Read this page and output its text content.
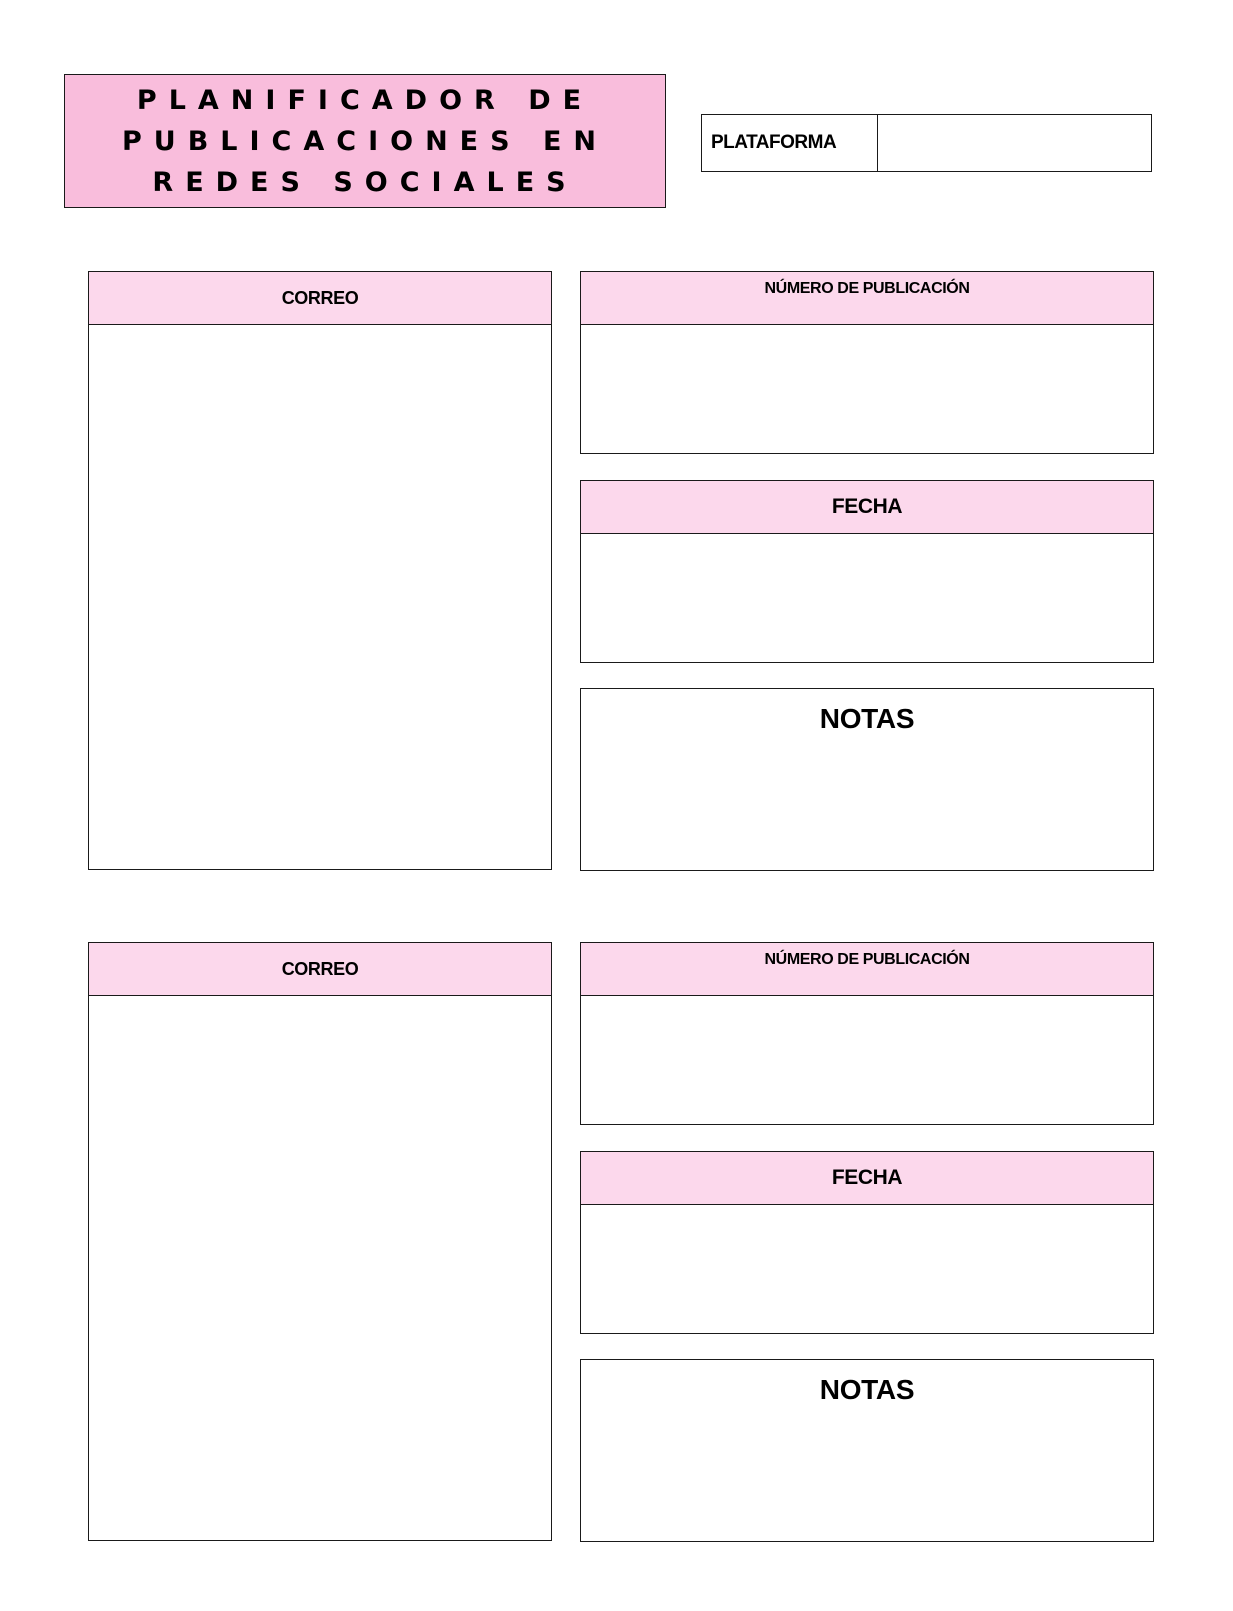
PLANIFICADOR DE
PUBLICACIONES EN
REDES SOCIALES
PLATAFORMA
CORREO	NÚMERO DE PUBLICACIÓN
FECHA
NOTAS
CORREO	NÚMERO DE PUBLICACIÓN
FECHA
NOTAS
